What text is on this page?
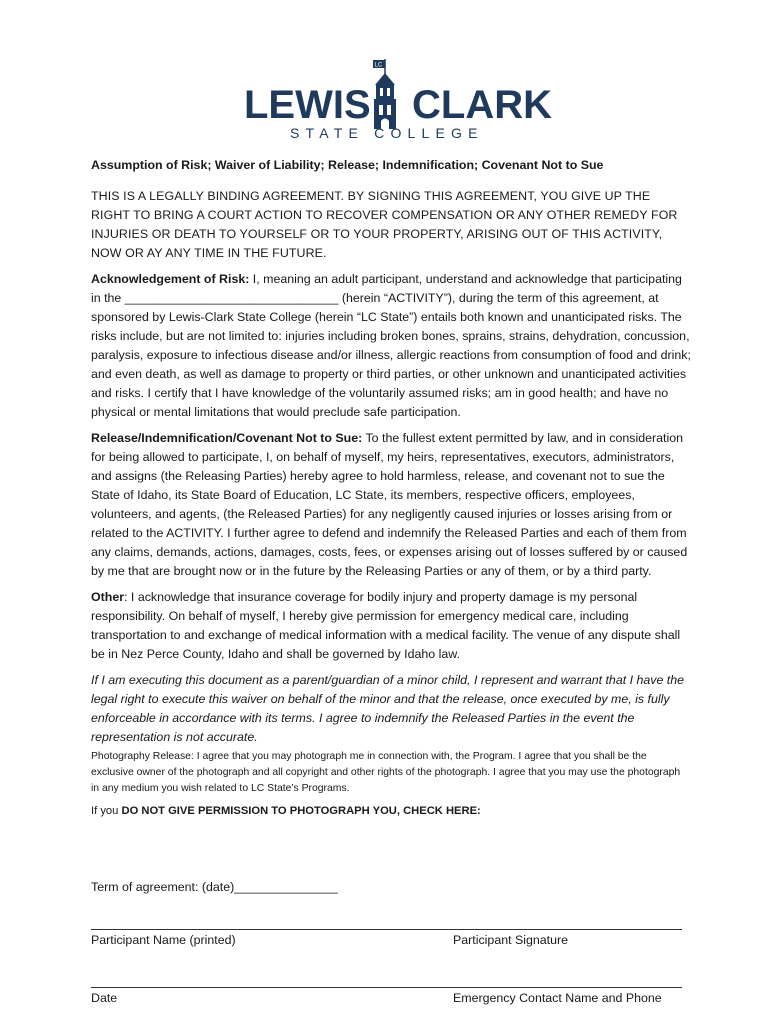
LEWIS CLARK
LC
STATE COLLEGE

Assumption of Risk; Waiver of Liability; Release; Indemnification; Covenant Not to Sue

THIS IS A LEGALLY BINDING AGREEMENT. BY SIGNING THIS AGREEMENT, YOU GIVE UP THE RIGHT TO BRING A COURT ACTION TO RECOVER COMPENSATION OR ANY OTHER REMEDY FOR INJURIES OR DEATH TO YOURSELF OR TO YOUR PROPERTY, ARISING OUT OF THIS ACTIVITY, NOW OR AY ANY TIME IN THE FUTURE.

Acknowledgement of Risk: I, meaning an adult participant, understand and acknowledge that participating in the _______________________________ (herein “ACTIVITY”), during the term of this agreement, at sponsored by Lewis-Clark State College (herein “LC State”) entails both known and unanticipated risks. The risks include, but are not limited to: injuries including broken bones, sprains, strains, dehydration, concussion, paralysis, exposure to infectious disease and/or illness, allergic reactions from consumption of food and drink; and even death, as well as damage to property or third parties, or other unknown and unanticipated activities and risks. I certify that I have knowledge of the voluntarily assumed risks; am in good health; and have no physical or mental limitations that would preclude safe participation.

Release/Indemnification/Covenant Not to Sue: To the fullest extent permitted by law, and in consideration for being allowed to participate, I, on behalf of myself, my heirs, representatives, executors, administrators, and assigns (the Releasing Parties) hereby agree to hold harmless, release, and covenant not to sue the State of Idaho, its State Board of Education, LC State, its members, respective officers, employees, volunteers, and agents, (the Released Parties) for any negligently caused injuries or losses arising from or related to the ACTIVITY. I further agree to defend and indemnify the Released Parties and each of them from any claims, demands, actions, damages, costs, fees, or expenses arising out of losses suffered by or caused by me that are brought now or in the future by the Releasing Parties or any of them, or by a third party.

Other: I acknowledge that insurance coverage for bodily injury and property damage is my personal responsibility. On behalf of myself, I hereby give permission for emergency medical care, including transportation to and exchange of medical information with a medical facility. The venue of any dispute shall be in Nez Perce County, Idaho and shall be governed by Idaho law.

If I am executing this document as a parent/guardian of a minor child, I represent and warrant that I have the legal right to execute this waiver on behalf of the minor and that the release, once executed by me, is fully enforceable in accordance with its terms. I agree to indemnify the Released Parties in the event the representation is not accurate.

Photography Release: I agree that you may photograph me in connection with, the Program. I agree that you shall be the exclusive owner of the photograph and all copyright and other rights of the photograph. I agree that you may use the photograph in any medium you wish related to LC State’s Programs.

If you DO NOT GIVE PERMISSION TO PHOTOGRAPH YOU, CHECK HERE:

Term of agreement: (date)_______________
Participant Name (printed)	Participant Signature
Date	Emergency Contact Name and Phone
